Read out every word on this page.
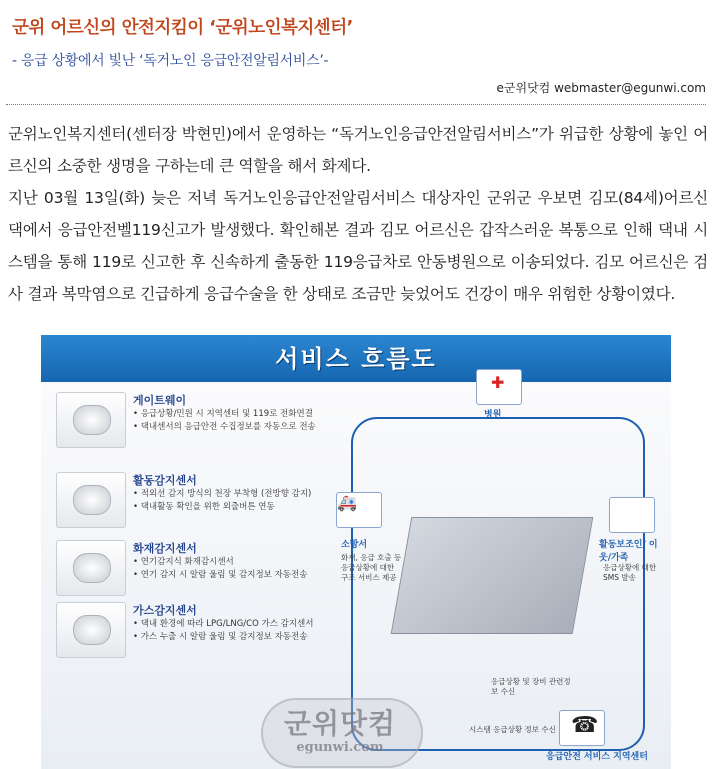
군위 어르신의 안전지킴이 ‘군위노인복지센터’
- 응급 상황에서 빛난 ‘독거노인 응급안전알림서비스’-
e군위닷컴 webmaster@egunwi.com

군위노인복지센터(센터장 박현민)에서 운영하는 “독거노인응급안전알림서비스”가 위급한 상황에 놓인 어르신의 소중한 생명을 구하는데 큰 역할을 해서 화제다.

지난 03월 13일(화) 늦은 저녁 독거노인응급안전알림서비스 대상자인 군위군 우보면 김모(84세)어르신댁에서 응급안전벨119신고가 발생했다. 확인해본 결과 김모 어르신은 갑작스러운 복통으로 인해 댁내 시스템을 통해 119로 신고한 후 신속하게 출동한 119응급차로 안동병원으로 이송되었다. 김모 어르신은 검사 결과 복막염으로 긴급하게 응급수술을 한 상태로 조금만 늦었어도 건강이 매우 위험한 상황이였다.

서비스 흐름도
게이트웨이
• 응급상황/민원 시 지역센터 및 119로 전화연결
• 댁내센서의 응급안전 수집정보를 자동으로 전송
활동감지센서
• 적외선 감지 방식의 천장 부착형 (전방향 감지)
• 댁내활동 확인을 위한 외출버튼 연동
화재감지센서
• 연기감지식 화재감시센서
• 연기 감지 시 알람 울림 및 감지정보 자동전송
가스감지센서
• 댁내 환경에 따라 LPG/LNG/CO 가스 감지센서
• 가스 누출 시 알람 울림 및 감지정보 자동전송
✚
병원
🚑
소방서
화재, 응급 호출 등 응급상황에 대한 구조 서비스 제공
활동보조인/ 이웃/가족
응급상황에 대한 SMS 발송
응급상황 및 장비 관련정보 수신
시스템 응급상황 정보 수신
☎
응급안전 서비스 지역센터
군위닷컴
egunwi.com
